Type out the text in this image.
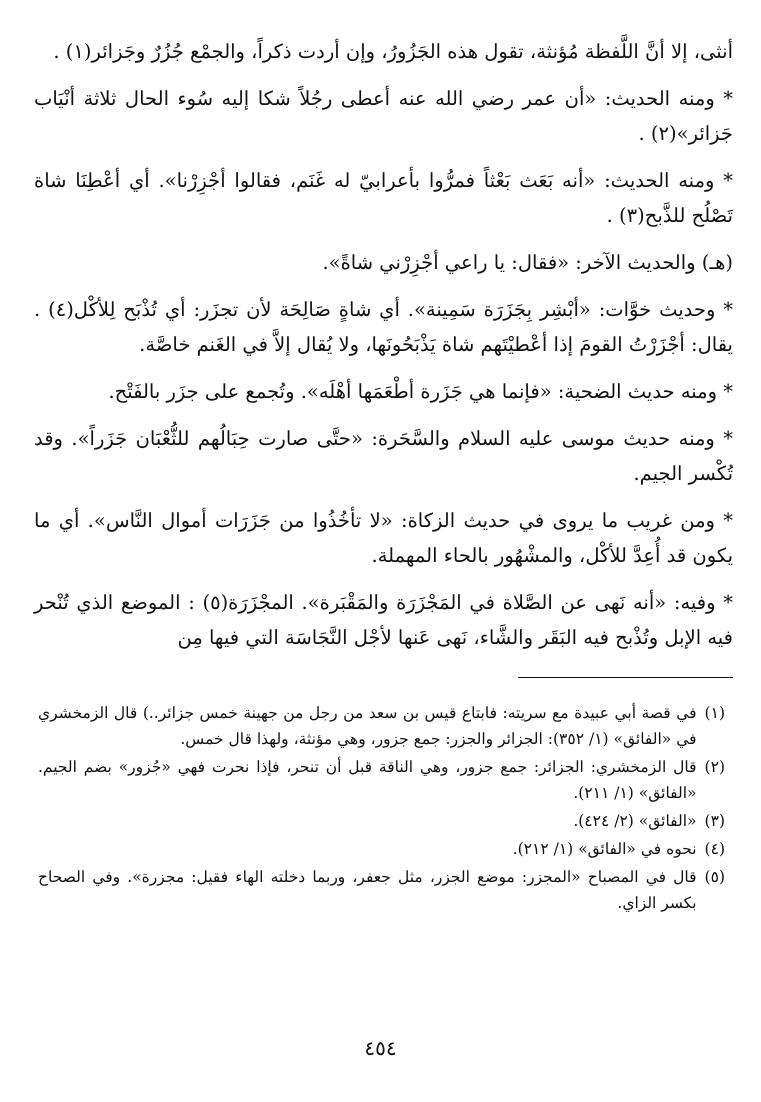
أنثى، إلا أنَّ اللَّفظة مُؤنثة، تقول هذه الجَزُورُ، وإن أردت ذكراً، والجمْع جُزُرٌ وجَزائر(١) .

* ومنه الحديث: «أن عمر رضي الله عنه أعطى رجُلاً شكا إليه سُوء الحال ثلاثة أنْيَاب جَزائر»(٢) .

* ومنه الحديث: «أنه بَعَث بَعْثاً فمرُّوا بأعرابيّ له غَنَم، فقالوا أجْزِرْنا». أي أعْطِنَا شاة تَصْلُح للذَّبح(٣) .

(هـ) والحديث الآخر: «فقال: يا راعي أجْزِرْني شاةً».

* وحديث خوَّات: «أبْشِر بِجَزَرَة سَمِينة». أي شاةٍ صَالِحَة لأن تجزَر: أي تُذْبَح لِلأكْل(٤) . يقال: أجْزَرْتُ القومَ إذا أعْطيْتَهم شاة يَذْبَحُونَها، ولا يُقال إلاَّ في الغَنم خاصَّة.

* ومنه حديث الضحية: «فإنما هي جَزَرة أطْعَمَها أهْلَه». وتُجمع على جزَر بالفَتْح.

* ومنه حديث موسى عليه السلام والسَّحَرة: «حتَّى صارت حِبَالُهم للثُّعْبَان جَزَراً». وقد تُكْسر الجيم.

* ومن غريب ما يروى في حديث الزكاة: «لا تأخُذُوا من جَزَرَات أموال النَّاس». أي ما يكون قد أُعِدَّ للأكْل، والمشْهُور بالحاء المهملة.

* وفيه: «أنه نَهى عن الصَّلاة في المَجْزَرَة والمَقْبَرة». المجْزَرَة(٥) : الموضع الذي تُنْحر فيه الإبل وتُذْبح فيه البَقَر والشَّاء، نَهى عَنها لأجْل النَّجَاسَة التي فيها مِن

(١)
في قصة أبي عبيدة مع سريته: فابتاع قيس بن سعد من رجل من جهينة خمس جزائر..) قال الزمخشري في «الفائق» (١/ ٣٥٢): الجزائر والجزر: جمع جزور، وهي مؤنثة، ولهذا قال خمس.
(٢)
قال الزمخشري: الجزائر: جمع جزور، وهي الناقة قبل أن تنحر، فإذا نحرت فهي «جُزور» بضم الجيم. «الفائق» (١/ ٢١١).
(٣)
«الفائق» (٢/ ٤٢٤).
(٤)
نحوه في «الفائق» (١/ ٢١٢).
(٥)
قال في المصباح «المجزر: موضع الجزر، مثل جعفر، وربما دخلته الهاء فقيل: مجزرة». وفي الصحاح بكسر الزاي.
٤٥٤
